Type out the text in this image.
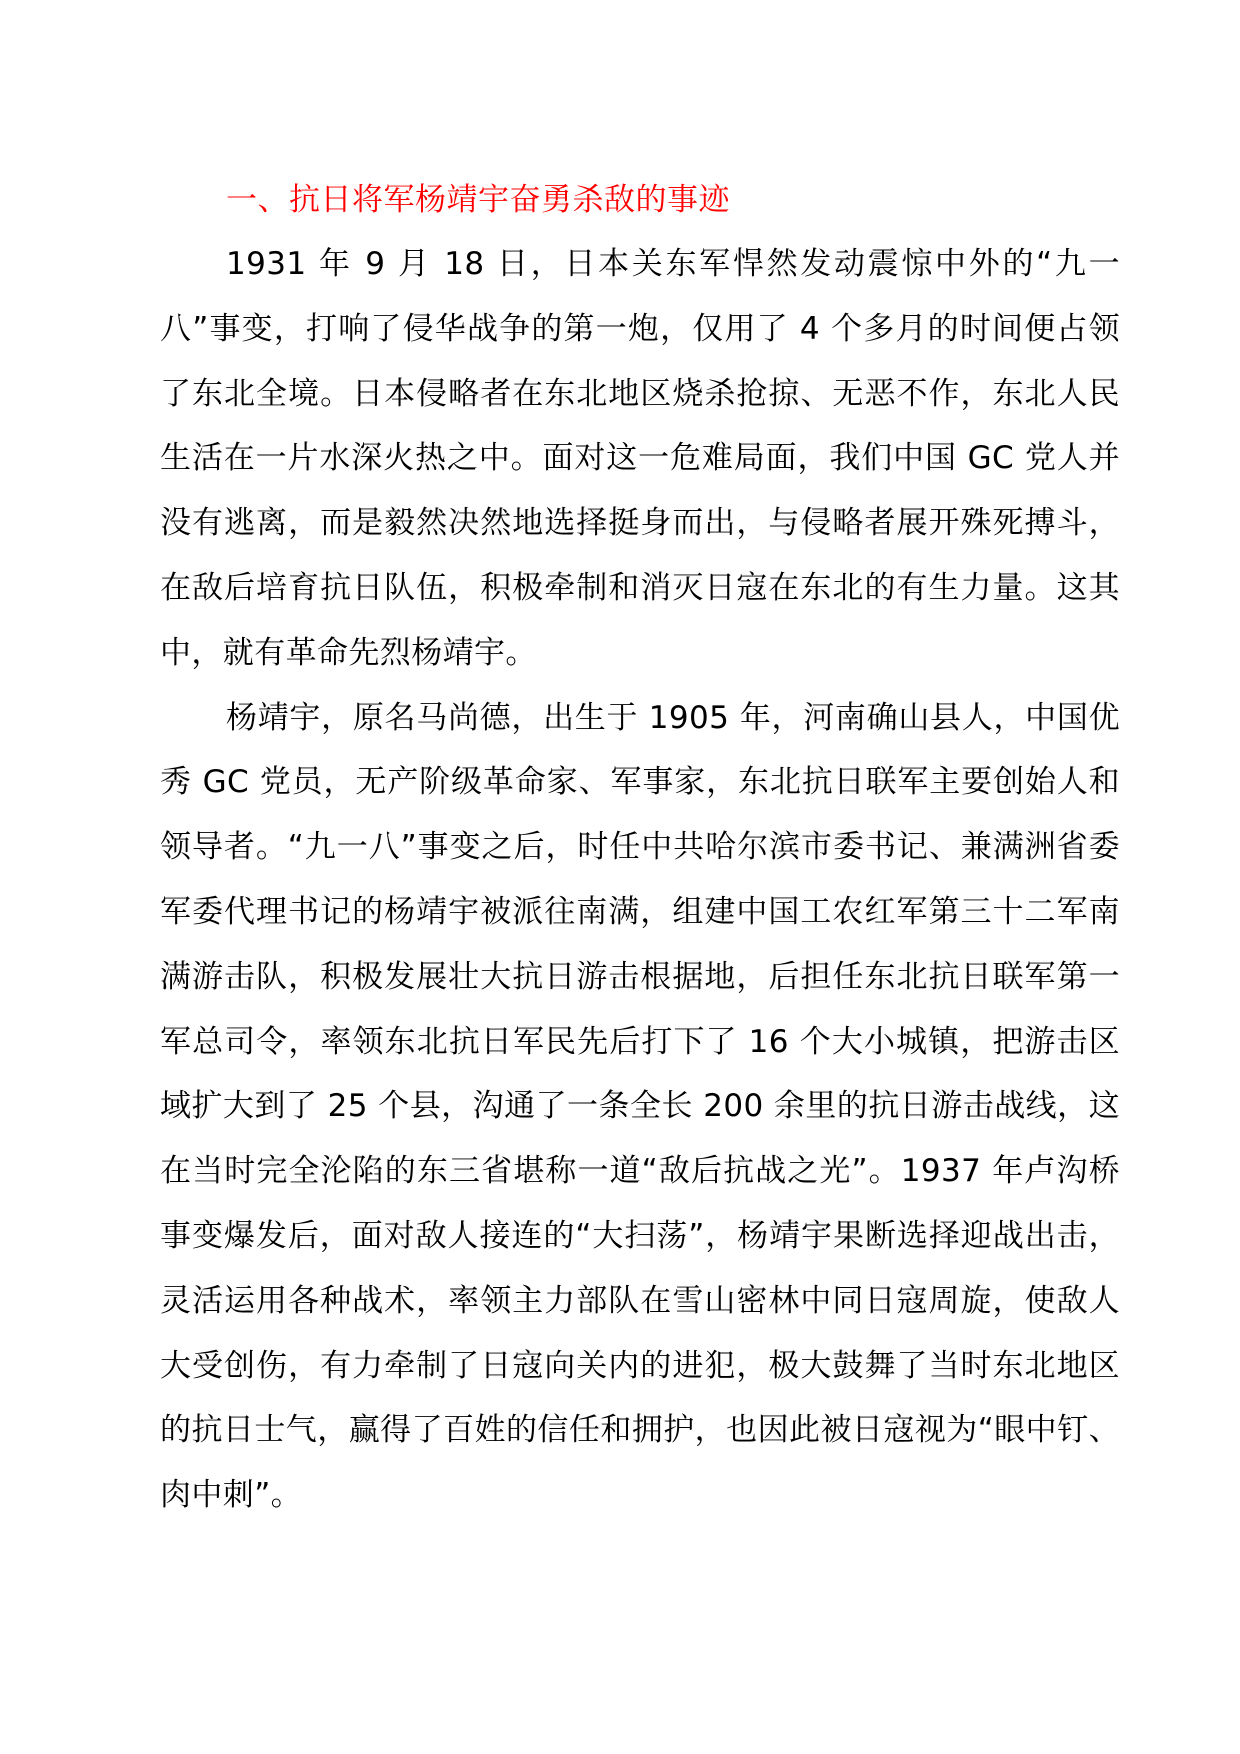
一、抗日将军杨靖宇奋勇杀敌的事迹

1931 年 9 月 18 日，日本关东军悍然发动震惊中外的“九一八”事变，打响了侵华战争的第一炮，仅用了 4 个多月的时间便占领了东北全境。日本侵略者在东北地区烧杀抢掠、无恶不作，东北人民生活在一片水深火热之中。面对这一危难局面，我们中国 GC 党人并没有逃离，而是毅然决然地选择挺身而出，与侵略者展开殊死搏斗，在敌后培育抗日队伍，积极牵制和消灭日寇在东北的有生力量。这其中，就有革命先烈杨靖宇。

杨靖宇，原名马尚德，出生于 1905 年，河南确山县人，中国优秀 GC 党员，无产阶级革命家、军事家，东北抗日联军主要创始人和领导者。“九一八”事变之后，时任中共哈尔滨市委书记、兼满洲省委军委代理书记的杨靖宇被派往南满，组建中国工农红军第三十二军南满游击队，积极发展壮大抗日游击根据地，后担任东北抗日联军第一军总司令，率领东北抗日军民先后打下了 16 个大小城镇，把游击区域扩大到了 25 个县，沟通了一条全长 200 余里的抗日游击战线，这在当时完全沦陷的东三省堪称一道“敌后抗战之光”。1937 年卢沟桥事变爆发后，面对敌人接连的“大扫荡”，杨靖宇果断选择迎战出击，灵活运用各种战术，率领主力部队在雪山密林中同日寇周旋，使敌人大受创伤，有力牵制了日寇向关内的进犯，极大鼓舞了当时东北地区的抗日士气，赢得了百姓的信任和拥护，也因此被日寇视为“眼中钉、肉中刺”。
